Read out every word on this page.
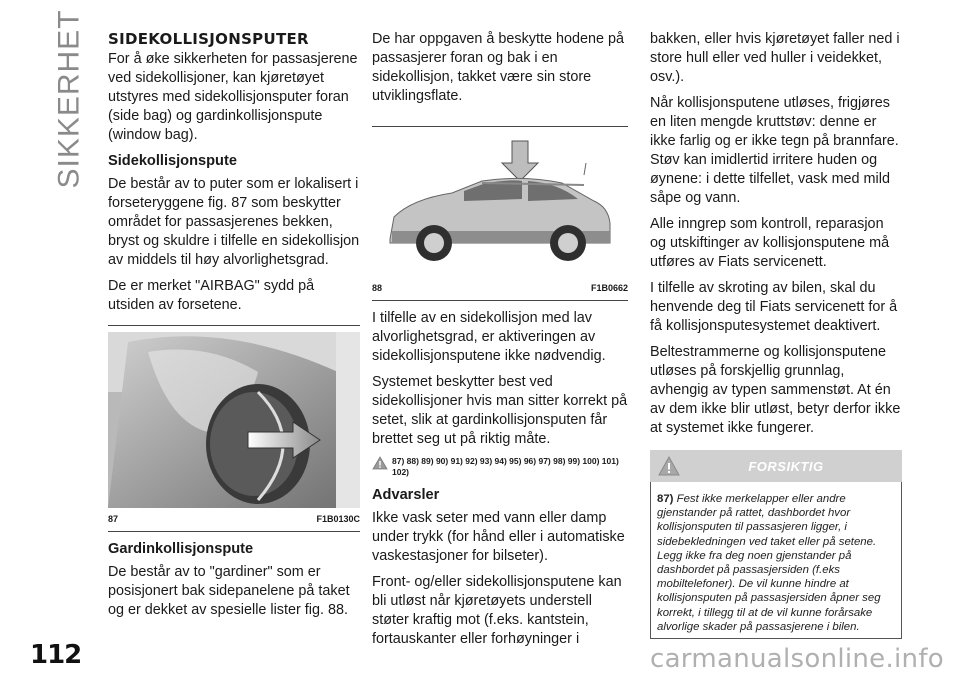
SIKKERHET SIDEKOLLISJONSPUTER

For å øke sikkerheten for passasjerene ved sidekollisjoner, kan kjøretøyet utstyres med sidekollisjonsputer foran (side bag) og gardinkollisjonspute (window bag).

Sidekollisjonspute

De består av to puter som er lokalisert i forseteryggene fig. 87 som beskytter området for passasjerenes bekken, bryst og skuldre i tilfelle en sidekollisjon av middels til høy alvorlighetsgrad.

De er merket "AIRBAG" sydd på utsiden av forsetene.

87	F1B0130C
Gardinkollisjonspute

De består av to "gardiner" som er posisjonert bak sidepanelene på taket og er dekket av spesielle lister fig. 88.

De har oppgaven å beskytte hodene på passasjerer foran og bak i en sidekollisjon, takket være sin store utviklingsflate.

88	F1B0662

I tilfelle av en sidekollisjon med lav alvorlighetsgrad, er aktiveringen av sidekollisjonsputene ikke nødvendig.

Systemet beskytter best ved sidekollisjoner hvis man sitter korrekt på setet, slik at gardinkollisjonsputen får brettet seg ut på riktig måte.

87) 88) 89) 90) 91) 92) 93) 94) 95) 96) 97) 98) 99) 100) 101) 102)
Advarsler

Ikke vask seter med vann eller damp under trykk (for hånd eller i automatiske vaskestasjoner for bilseter).

Front- og/eller sidekollisjonsputene kan bli utløst når kjøretøyets understell støter kraftig mot (f.eks. kantstein, fortauskanter eller forhøyninger i

bakken, eller hvis kjøretøyet faller ned i store hull eller ved huller i veidekket, osv.).

Når kollisjonsputene utløses, frigjøres en liten mengde kruttstøv: denne er ikke farlig og er ikke tegn på brannfare. Støv kan imidlertid irritere huden og øynene: i dette tilfellet, vask med mild såpe og vann.

Alle inngrep som kontroll, reparasjon og utskiftinger av kollisjonsputene må utføres av Fiats servicenett.

I tilfelle av skroting av bilen, skal du henvende deg til Fiats servicenett for å få kollisjonsputesystemet deaktivert.

Beltestrammerne og kollisjonsputene utløses på forskjellig grunnlag, avhengig av typen sammenstøt. At én av dem ikke blir utløst, betyr derfor ikke at systemet ikke fungerer.

FORSIKTIG
87) Fest ikke merkelapper eller andre gjenstander på rattet, dashbordet hvor kollisjonsputen til passasjeren ligger, i sidebekledningen ved taket eller på setene. Legg ikke fra deg noen gjenstander på dashbordet på passasjersiden (f.eks mobiltelefoner). De vil kunne hindre at kollisjonsputen på passasjersiden åpner seg korrekt, i tillegg til at de vil kunne forårsake alvorlige skader på passasjerene i bilen.
112	carmanualsonline.info
